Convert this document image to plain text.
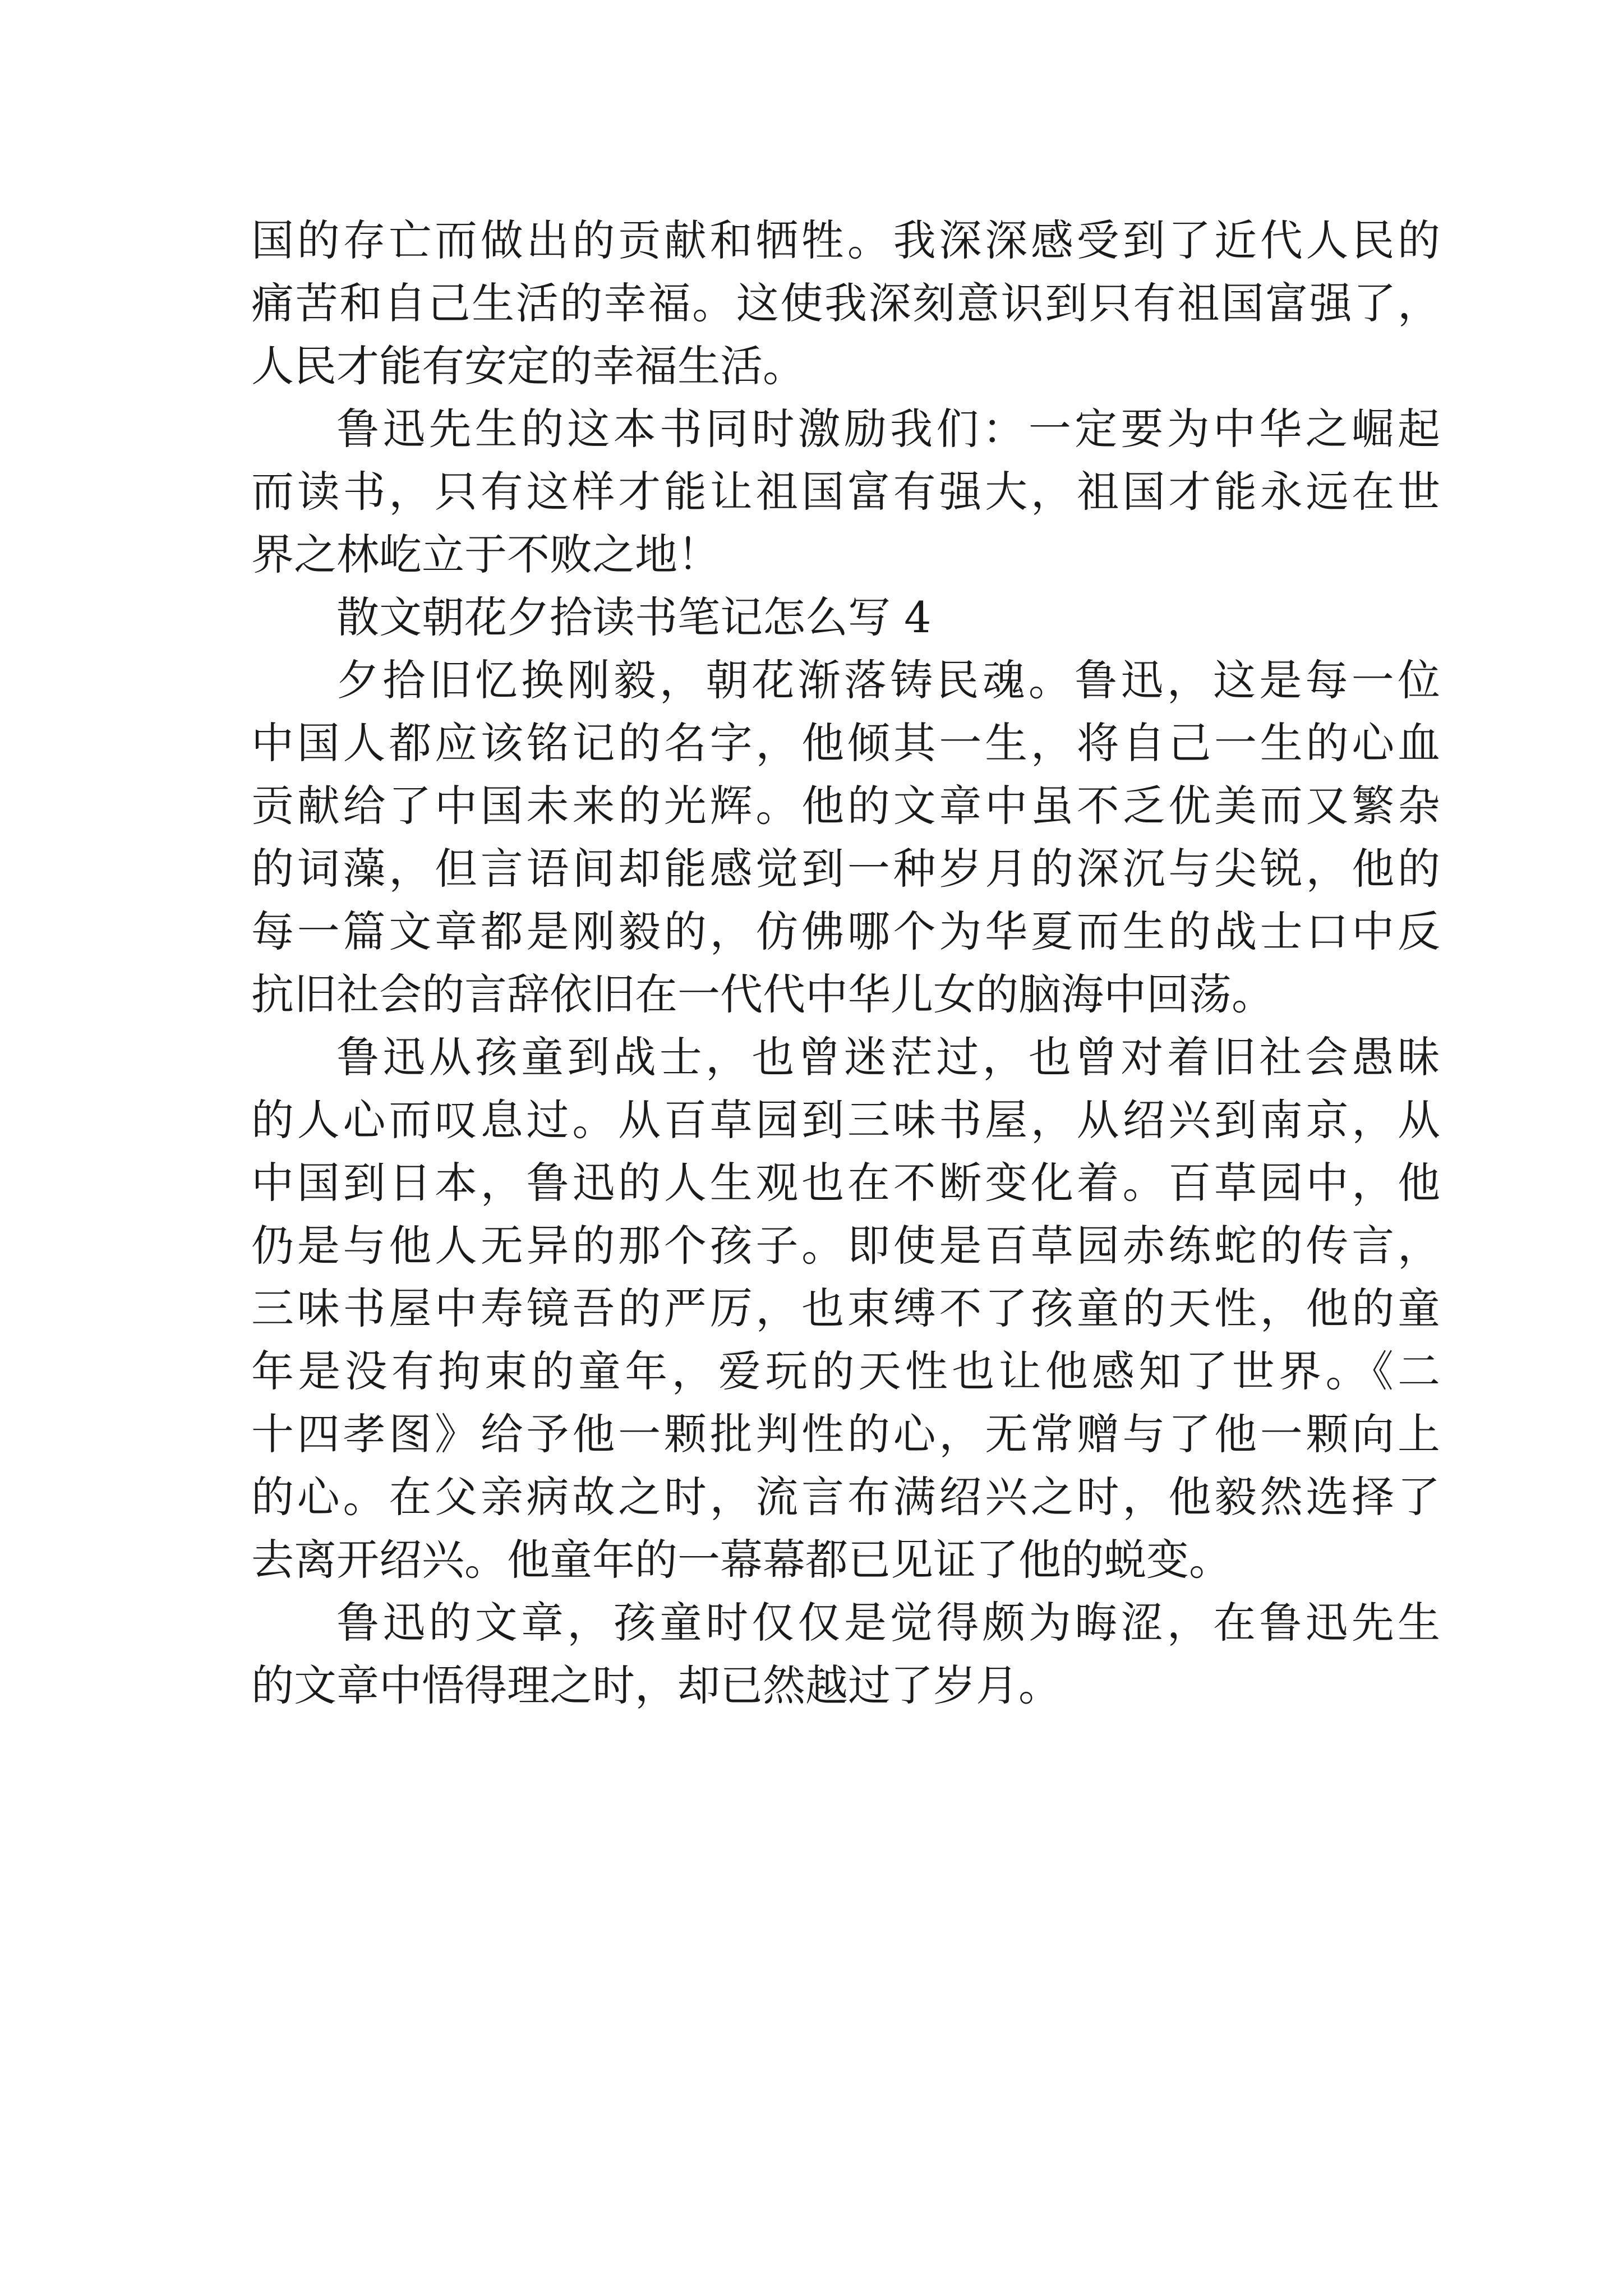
国的存亡而做出的贡献和牺牲。我深深感受到了近代人民的
痛苦和自己生活的幸福。这使我深刻意识到只有祖国富强了，
人民才能有安定的幸福生活。
鲁迅先生的这本书同时激励我们：一定要为中华之崛起
而读书，只有这样才能让祖国富有强大，祖国才能永远在世
界之林屹立于不败之地！
散文朝花夕拾读书笔记怎么写 4
夕拾旧忆换刚毅，朝花渐落铸民魂。鲁迅，这是每一位
中国人都应该铭记的名字，他倾其一生，将自己一生的心血
贡献给了中国未来的光辉。他的文章中虽不乏优美而又繁杂
的词藻，但言语间却能感觉到一种岁月的深沉与尖锐，他的
每一篇文章都是刚毅的，仿佛哪个为华夏而生的战士口中反
抗旧社会的言辞依旧在一代代中华儿女的脑海中回荡。
鲁迅从孩童到战士，也曾迷茫过，也曾对着旧社会愚昧
的人心而叹息过。从百草园到三味书屋，从绍兴到南京，从
中国到日本，鲁迅的人生观也在不断变化着。百草园中，他
仍是与他人无异的那个孩子。即使是百草园赤练蛇的传言，
三味书屋中寿镜吾的严厉，也束缚不了孩童的天性，他的童
年是没有拘束的童年，爱玩的天性也让他感知了世界。《二
十四孝图》给予他一颗批判性的心，无常赠与了他一颗向上
的心。在父亲病故之时，流言布满绍兴之时，他毅然选择了
去离开绍兴。他童年的一幕幕都已见证了他的蜕变。
鲁迅的文章，孩童时仅仅是觉得颇为晦涩，在鲁迅先生
的文章中悟得理之时，却已然越过了岁月。
